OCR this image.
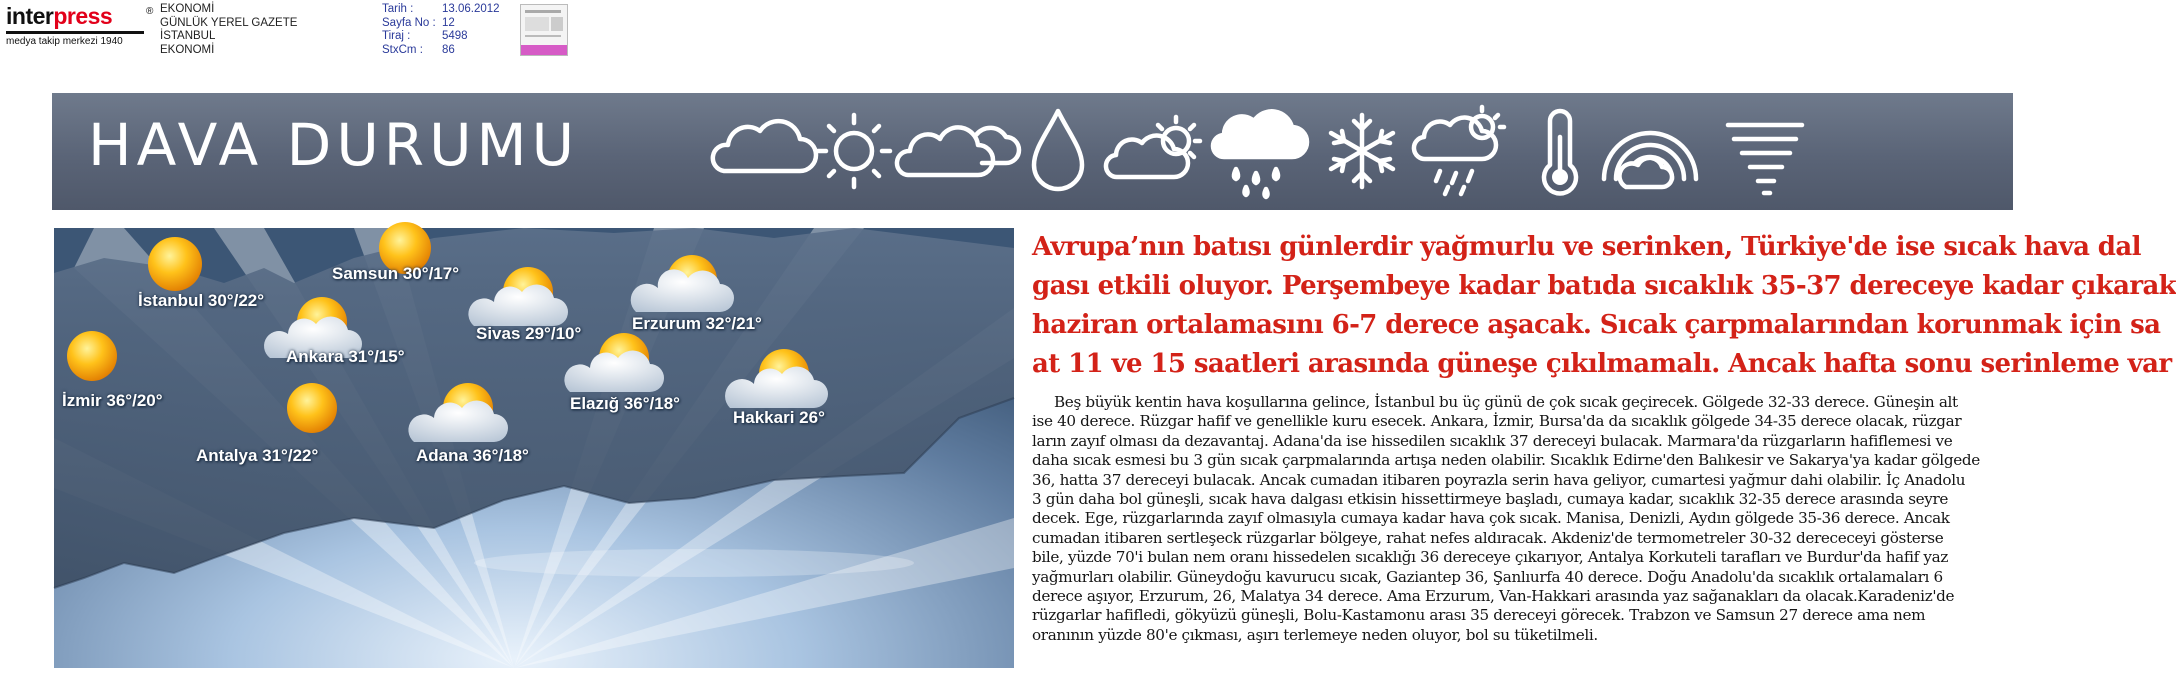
interpress	®
medya takip merkezi 1940
EKONOMİ
GÜNLÜK YEREL GAZETE
İSTANBUL
EKONOMİ
Tarih :	13.06.2012
Sayfa No : 12
Tiraj :	5498
StxCm :	86
HAVA DURUMU
Samsun 30°/17°
İstanbul 30°/22°
Ankara 31°/15°
Sivas 29°/10°
Erzurum 32°/21°
İzmir 36°/20°	Elazığ 36°/18°
Hakkari 26°
Antalya 31°/22°	Adana 36°/18°
Avrupa’nın batısı günlerdir yağmurlu ve serinken, Türkiye'de ise sıcak hava dal
gası etkili oluyor. Perşembeye kadar batıda sıcaklık 35-37 dereceye kadar çıkarak
haziran ortalamasını 6-7 derece aşacak. Sıcak çarpmalarından korunmak için sa
at 11 ve 15 saatleri arasında güneşe çıkılmamalı. Ancak hafta sonu serinleme var
Beş büyük kentin hava koşullarına gelince, İstanbul bu üç günü de çok sıcak geçirecek. Gölgede 32-33 derece. Güneşin alt
ise 40 derece. Rüzgar hafif ve genellikle kuru esecek. Ankara, İzmir, Bursa'da da sıcaklık gölgede 34-35 derece olacak, rüzgar
ların zayıf olması da dezavantaj. Adana'da ise hissedilen sıcaklık 37 dereceyi bulacak. Marmara'da rüzgarların hafiflemesi ve
daha sıcak esmesi bu 3 gün sıcak çarpmalarında artışa neden olabilir. Sıcaklık Edirne'den Balıkesir ve Sakarya'ya kadar gölgede
36, hatta 37 dereceyi bulacak. Ancak cumadan itibaren poyrazla serin hava geliyor, cumartesi yağmur dahi olabilir. İç Anadolu
3 gün daha bol güneşli, sıcak hava dalgası etkisin hissettirmeye başladı, cumaya kadar, sıcaklık 32-35 derece arasında seyre
decek. Ege, rüzgarlarında zayıf olmasıyla cumaya kadar hava çok sıcak. Manisa, Denizli, Aydın gölgede 35-36 derece. Ancak
cumadan itibaren sertleşeck rüzgarlar bölgeye, rahat nefes aldıracak. Akdeniz'de termometreler 30-32 derececeyi gösterse
bile, yüzde 70'i bulan nem oranı hissedelen sıcaklığı 36 dereceye çıkarıyor, Antalya Korkuteli tarafları ve Burdur'da hafif yaz
yağmurları olabilir. Güneydoğu kavurucu sıcak, Gaziantep 36, Şanlıurfa 40 derece. Doğu Anadolu'da sıcaklık ortalamaları 6
derece aşıyor, Erzurum, 26, Malatya 34 derece. Ama Erzurum, Van-Hakkari arasında yaz sağanakları da olacak.Karadeniz'de
rüzgarlar hafifledi, gökyüzü güneşli, Bolu-Kastamonu arası 35 dereceyi görecek. Trabzon ve Samsun 27 derece ama nem
oranının yüzde 80'e çıkması, aşırı terlemeye neden oluyor, bol su tüketilmeli.
